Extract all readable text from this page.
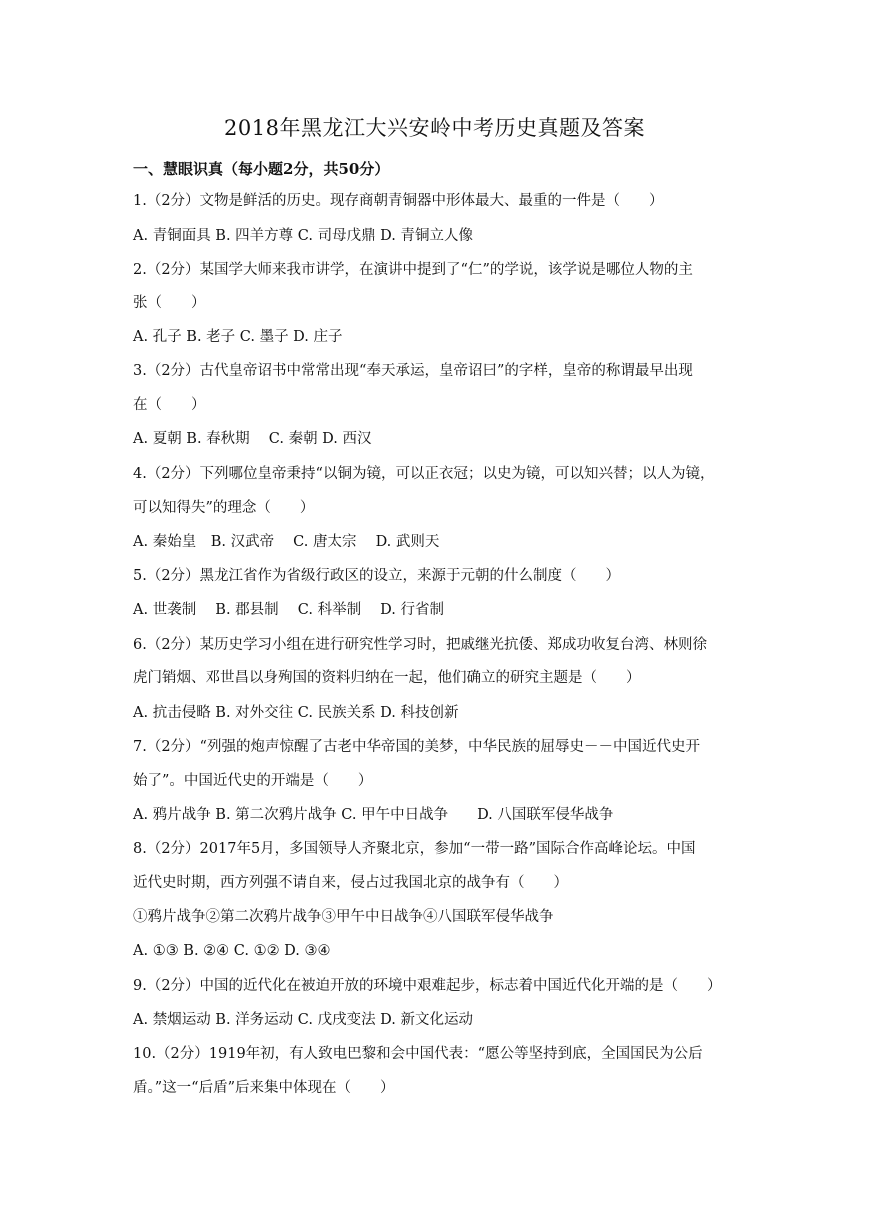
2018年黑龙江大兴安岭中考历史真题及答案
一、慧眼识真（每小题2分，共50分）
1.（2分）文物是鲜活的历史。现存商朝青铜器中形体最大、最重的一件是（　　）
A. 青铜面具 B. 四羊方尊 C. 司母戊鼎 D. 青铜立人像
2.（2分）某国学大师来我市讲学，在演讲中提到了“仁”的学说，该学说是哪位人物的主
张（　　）
A. 孔子 B. 老子 C. 墨子 D. 庄子
3.（2分）古代皇帝诏书中常常出现“奉天承运，皇帝诏曰”的字样，皇帝的称谓最早出现
在（　　）
A. 夏朝 B. 春秋期　 C. 秦朝 D. 西汉
4.（2分）下列哪位皇帝秉持“以铜为镜，可以正衣冠；以史为镜，可以知兴替；以人为镜，
可以知得失”的理念（　　）
A. 秦始皇　B. 汉武帝　 C. 唐太宗　 D. 武则天
5.（2分）黑龙江省作为省级行政区的设立，来源于元朝的什么制度（　　）
A. 世袭制　 B. 郡县制　 C. 科举制　 D. 行省制
6.（2分）某历史学习小组在进行研究性学习时，把戚继光抗倭、郑成功收复台湾、林则徐
虎门销烟、邓世昌以身殉国的资料归纳在一起，他们确立的研究主题是（　　）
A. 抗击侵略 B. 对外交往 C. 民族关系 D. 科技创新
7.（2分）“列强的炮声惊醒了古老中华帝国的美梦，中华民族的屈辱史－－中国近代史开
始了”。中国近代史的开端是（　　）
A. 鸦片战争 B. 第二次鸦片战争 C. 甲午中日战争　　D. 八国联军侵华战争
8.（2分）2017年5月，多国领导人齐聚北京，参加“一带一路”国际合作高峰论坛。中国
近代史时期，西方列强不请自来，侵占过我国北京的战争有（　　）
①鸦片战争②第二次鸦片战争③甲午中日战争④八国联军侵华战争
A. ①③ B. ②④ C. ①② D. ③④
9.（2分）中国的近代化在被迫开放的环境中艰难起步，标志着中国近代化开端的是（　　）
A. 禁烟运动 B. 洋务运动 C. 戊戌变法 D. 新文化运动
10.（2分）1919年初，有人致电巴黎和会中国代表：“愿公等坚持到底，全国国民为公后
盾。”这一“后盾”后来集中体现在（　　）
